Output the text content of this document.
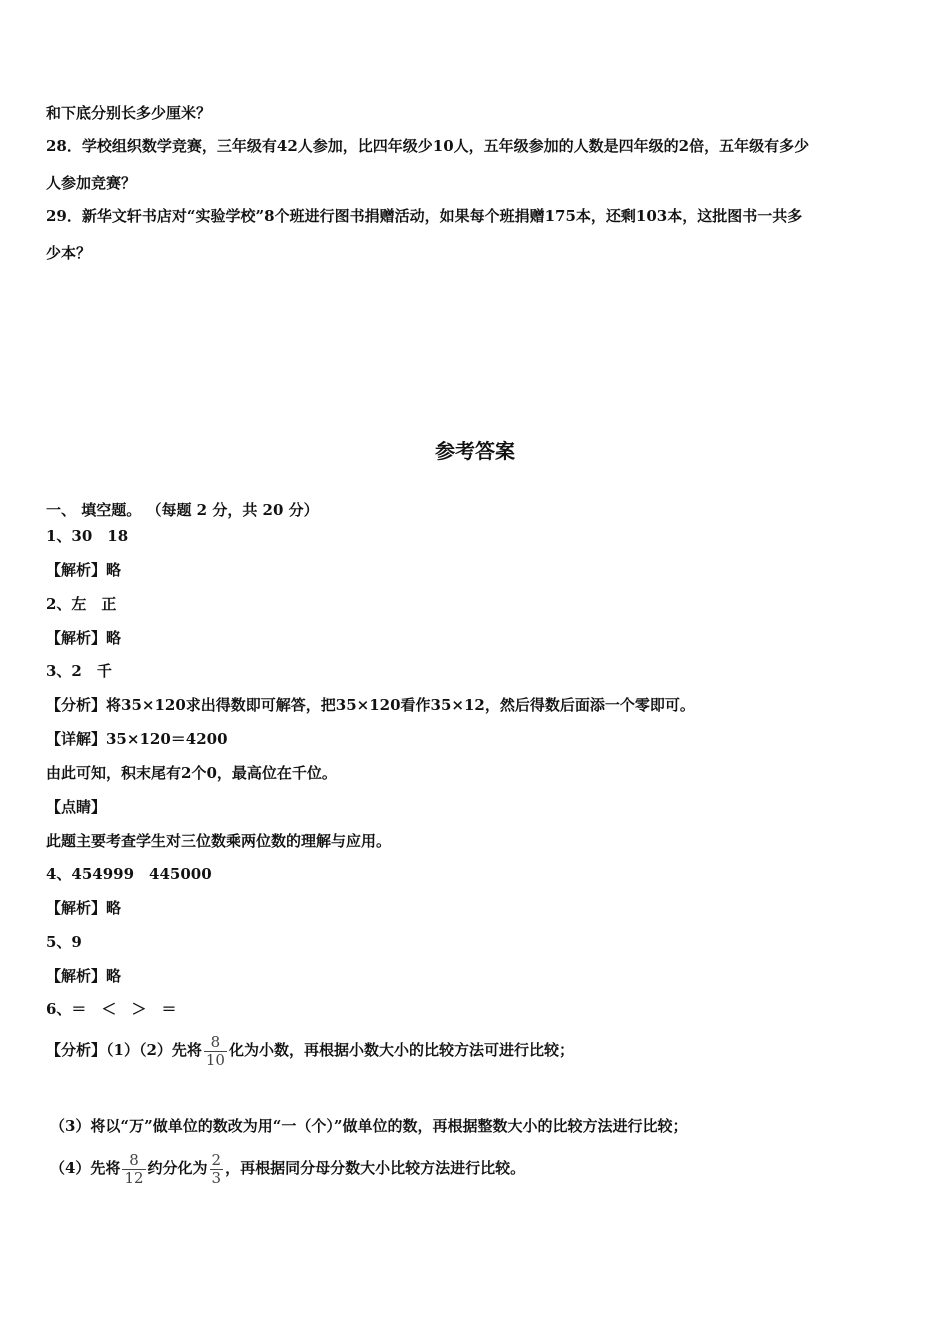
和下底分别长多少厘米？
28．学校组织数学竞赛，三年级有42人参加，比四年级少10人，五年级参加的人数是四年级的2倍，五年级有多少
人参加竞赛？
29．新华文轩书店对“实验学校”8个班进行图书捐赠活动，如果每个班捐赠175本，还剩103本，这批图书一共多
少本？
参考答案
一、 填空题。 （每题 2 分，共 20 分）
1、30　18
【解析】略
2、左　正
【解析】略
3、2　千
【分析】将35×120求出得数即可解答，把35×120看作35×12，然后得数后面添一个零即可。
【详解】35×120＝4200
由此可知，积末尾有2个0，最高位在千位。
【点睛】
此题主要考查学生对三位数乘两位数的理解与应用。
4、454999　445000
【解析】略
5、9
【解析】略
6、＝　＜　＞　＝
【分析】（1）（2）先将 $\frac{8}{10}$ 化为小数，再根据小数大小的比较方法可进行比较；
（3）将以“万”做单位的数改为用“一（个）”做单位的数，再根据整数大小的比较方法进行比较；
（4）先将 $\frac{8}{12}$ 约分化为 $\frac{2}{3}$ ，再根据同分母分数大小比较方法进行比较。
